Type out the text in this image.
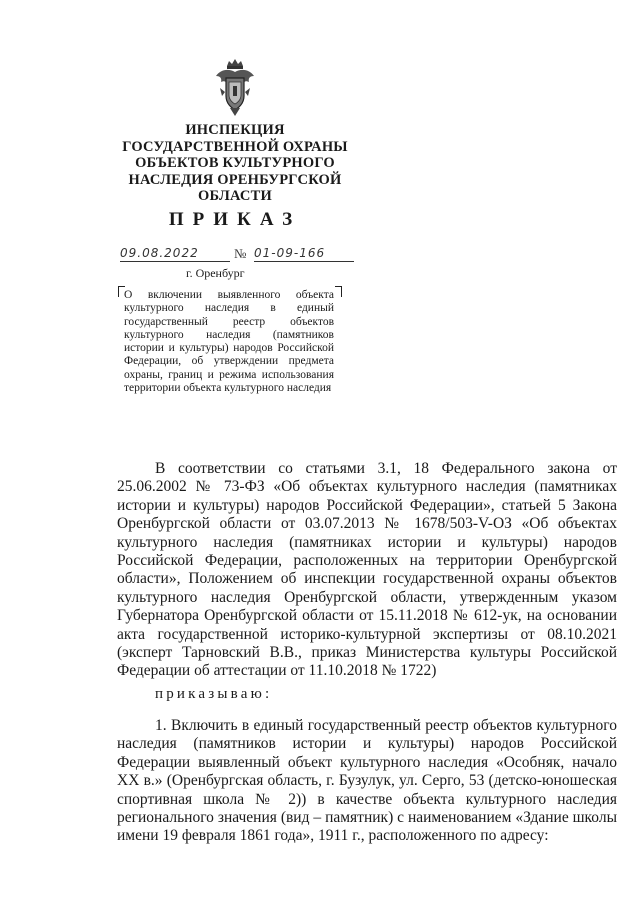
ИНСПЕКЦИЯ
ГОСУДАРСТВЕННОЙ ОХРАНЫ
ОБЪЕКТОВ КУЛЬТУРНОГО
НАСЛЕДИЯ ОРЕНБУРГСКОЙ
ОБЛАСТИ
ПРИКАЗ
09.08.2022	№ 01-09-166
г. Оренбург
О включении выявленного объекта культурного наследия в единый государственный реестр объектов культурного наследия (памятников истории и культуры) народов Российской Федерации, об утверждении предмета охраны, границ и режима использования территории объекта культурного наследия
В соответствии со статьями 3.1, 18 Федерального закона от 25.06.2002 № 73-ФЗ «Об объектах культурного наследия (памятниках истории и культуры) народов Российской Федерации», статьей 5 Закона Оренбургской области от 03.07.2013 № 1678/503-V-ОЗ «Об объектах культурного наследия (памятниках истории и культуры) народов Российской Федерации, расположенных на территории Оренбургской области», Положением об инспекции государственной охраны объектов культурного наследия Оренбургской области, утвержденным указом Губернатора Оренбургской области от 15.11.2018 № 612-ук, на основании акта государственной историко-культурной экспертизы от 08.10.2021 (эксперт Тарновский В.В., приказ Министерства культуры Российской Федерации об аттестации от 11.10.2018 № 1722)
приказываю:
1. Включить в единый государственный реестр объектов культурного наследия (памятников истории и культуры) народов Российской Федерации выявленный объект культурного наследия «Особняк, начало XX в.» (Оренбургская область, г. Бузулук, ул. Серго, 53 (детско-юношеская спортивная школа № 2)) в качестве объекта культурного наследия регионального значения (вид – памятник) с наименованием «Здание школы имени 19 февраля 1861 года», 1911 г., расположенного по адресу:
